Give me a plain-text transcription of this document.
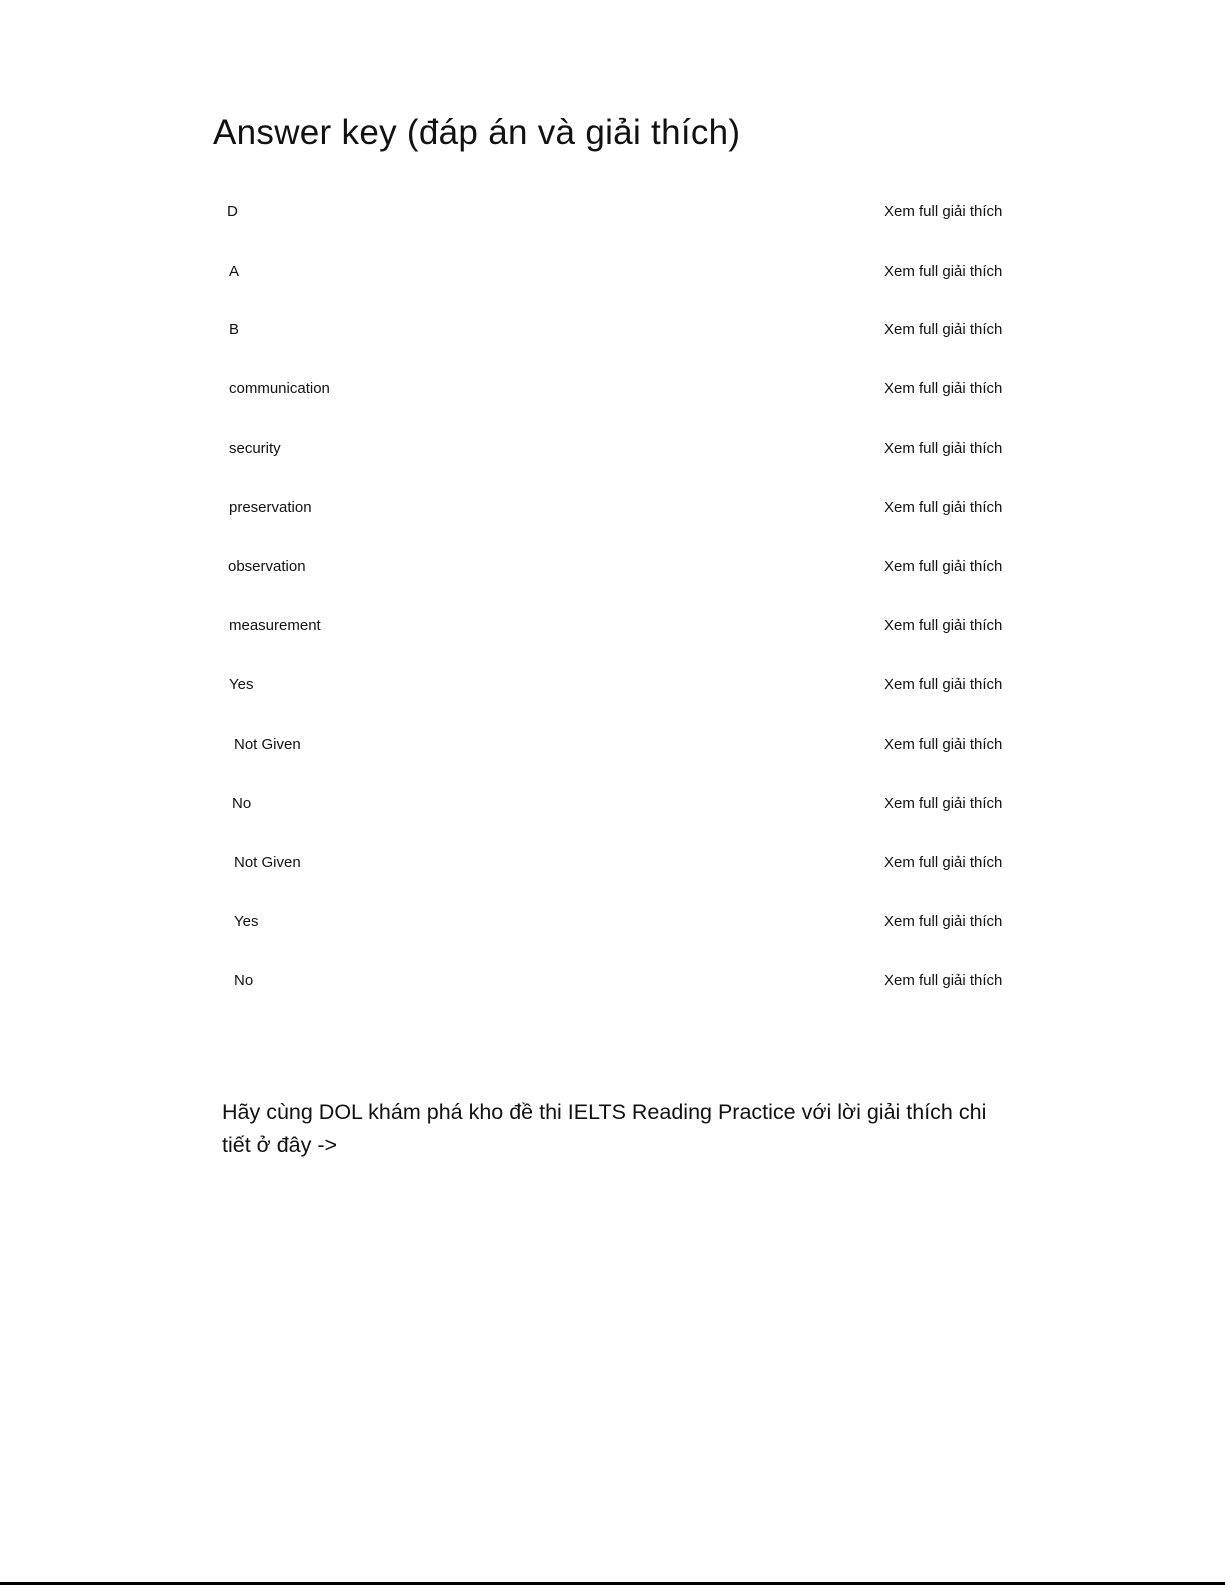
Answer key (đáp án và giải thích)
D	Xem full giải thích
A	Xem full giải thích
B	Xem full giải thích
communication	Xem full giải thích
security	Xem full giải thích
preservation	Xem full giải thích
observation	Xem full giải thích
measurement	Xem full giải thích
Yes	Xem full giải thích
Not Given	Xem full giải thích
No	Xem full giải thích
Not Given	Xem full giải thích
Yes	Xem full giải thích
No	Xem full giải thích

Hãy cùng DOL khám phá kho đề thi IELTS Reading Practice với lời giải thích chi tiết ở đây ->
